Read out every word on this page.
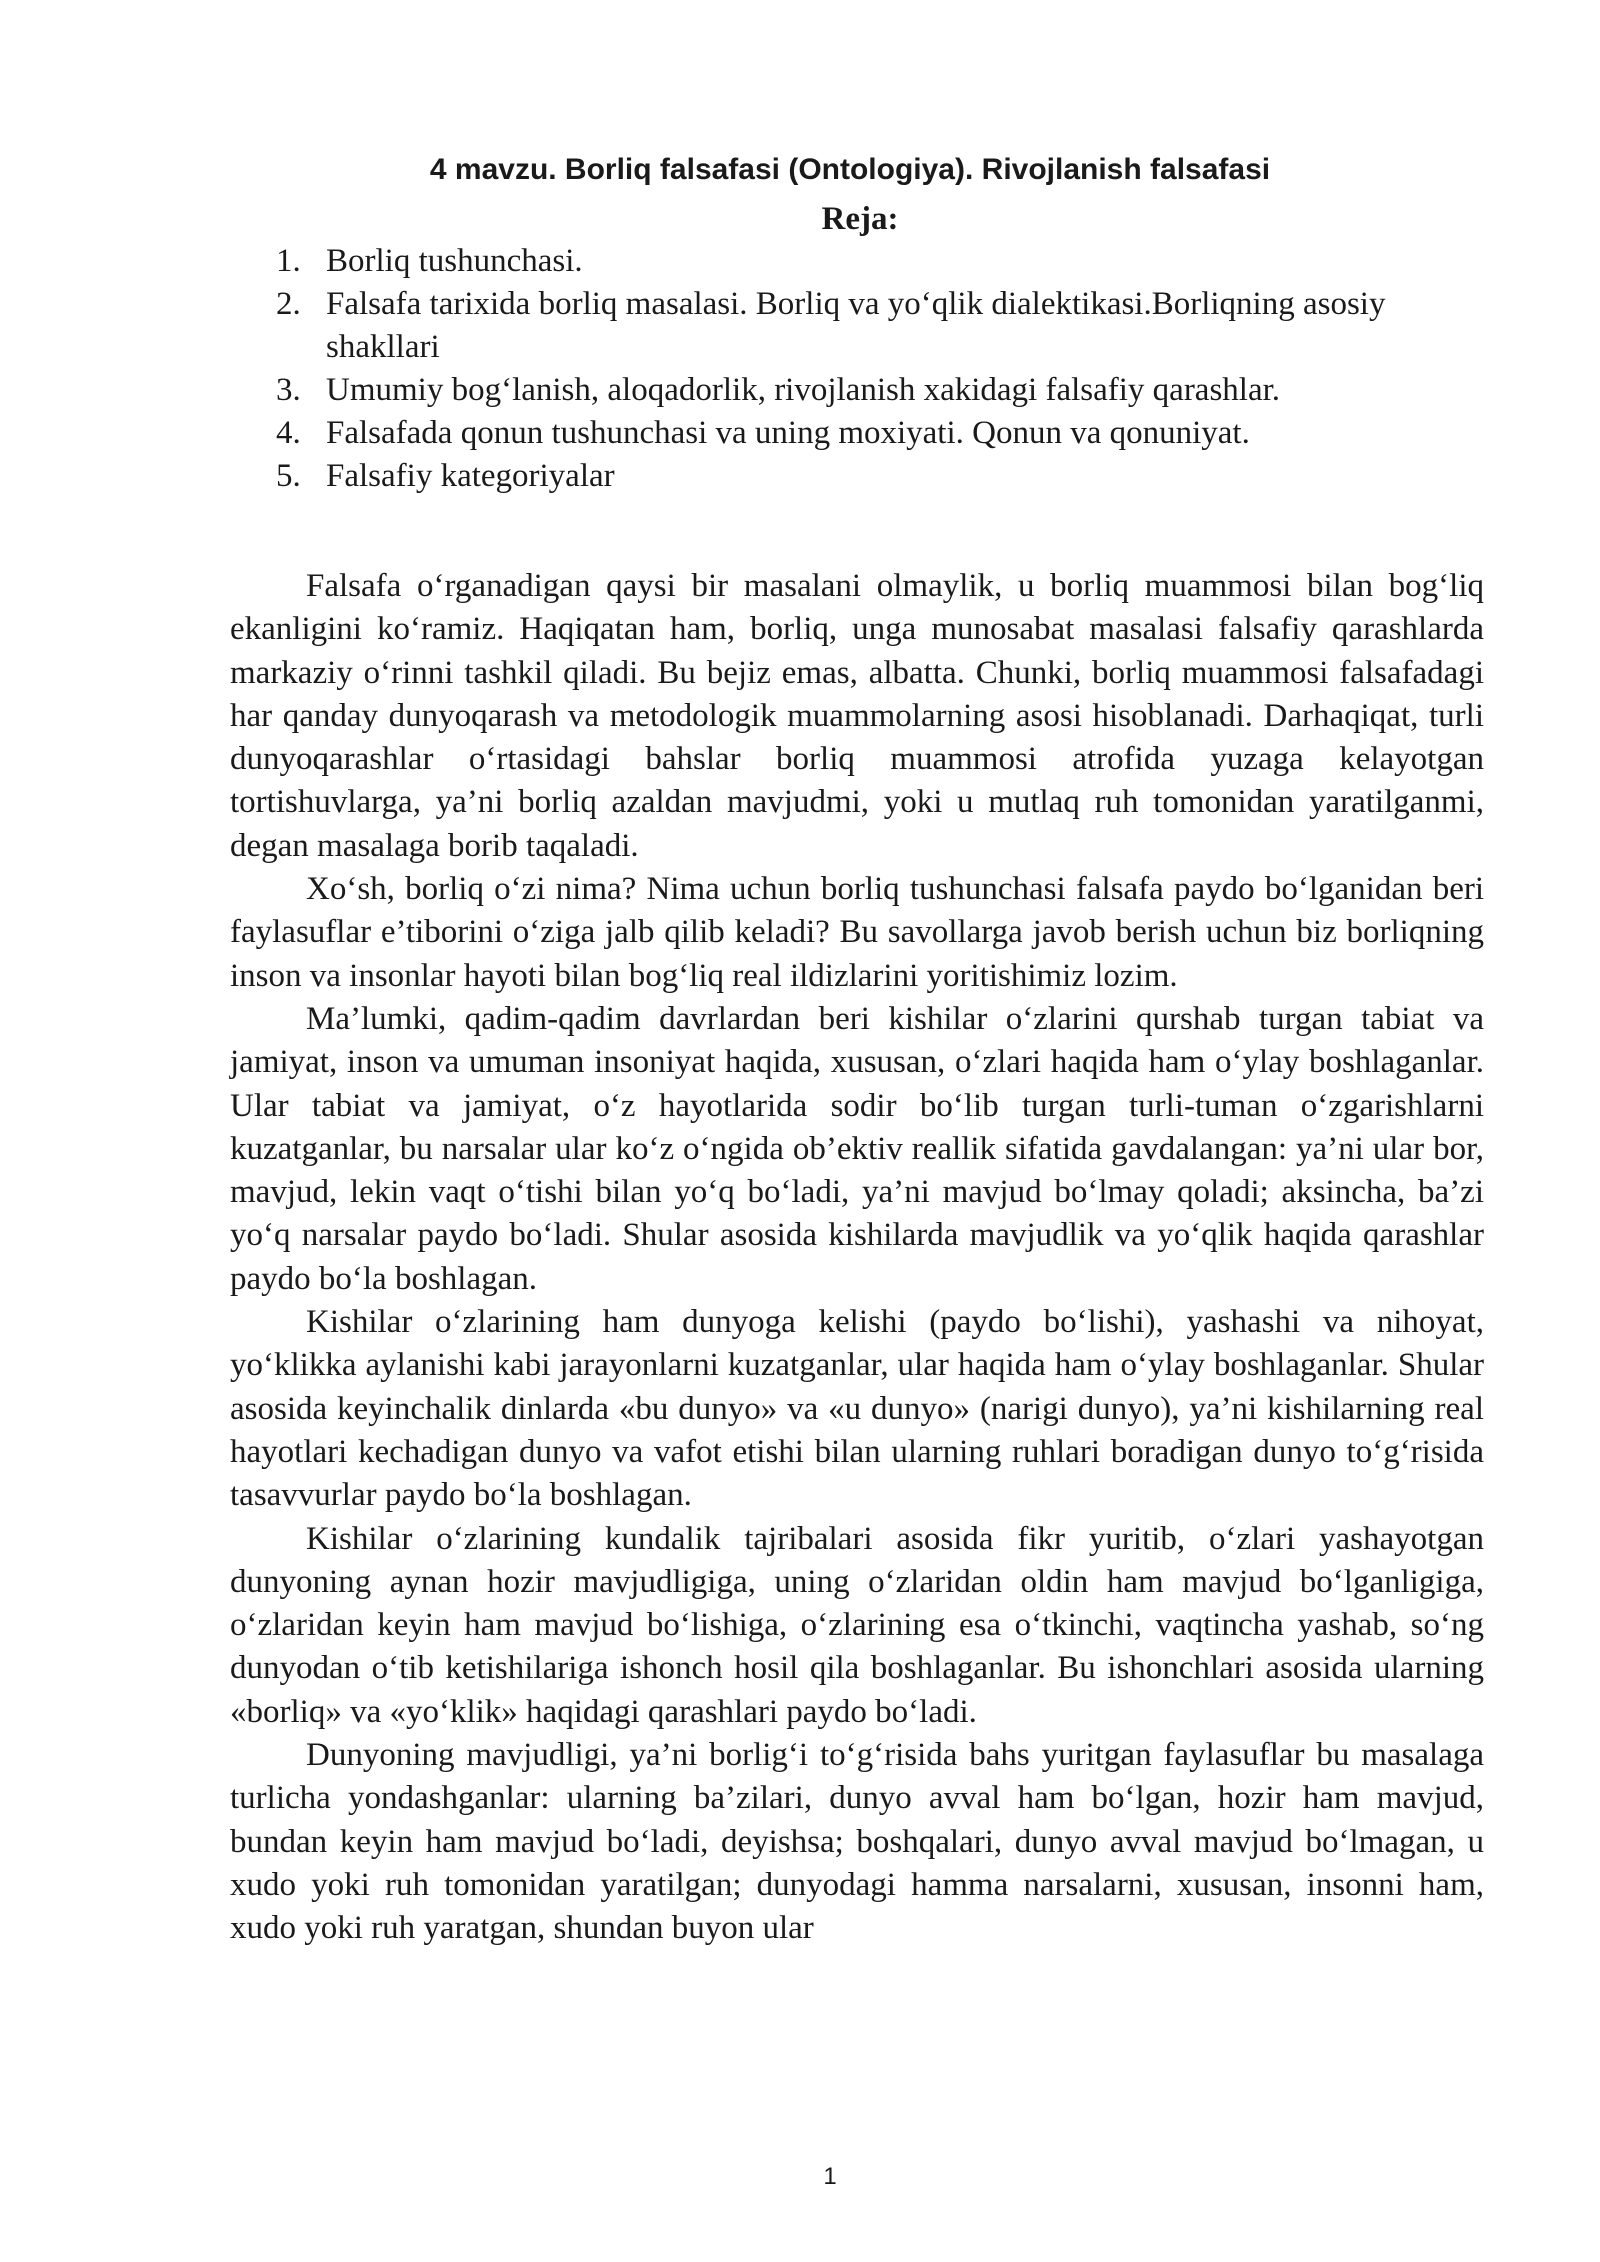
4 mavzu. Borliq falsafasi (Ontologiya). Rivojlanish falsafasi
Reja:
1. Borliq tushunchasi.
2. Falsafa tarixida borliq masalasi. Borliq va yo‘qlik dialektikasi.Borliqning asosiy shakllari
3. Umumiy bog‘lanish, aloqadorlik, rivojlanish xakidagi falsafiy qarashlar.
4. Falsafada qonun tushunchasi va uning moxiyati. Qonun va qonuniyat.
5. Falsafiy kategoriyalar

Falsafa o‘rganadigan qaysi bir masalani olmaylik, u borliq muammosi bilan bog‘liq ekanligini ko‘ramiz. Haqiqatan ham, borliq, unga munosabat masalasi falsafiy qarashlarda markaziy o‘rinni tashkil qiladi. Bu bejiz emas, albatta. Chunki, borliq muammosi falsafadagi har qanday dunyoqarash va metodologik muammolarning asosi hisoblanadi. Darhaqiqat, turli dunyoqarashlar o‘rtasidagi bahslar borliq muammosi atrofida yuzaga kelayotgan tortishuvlarga, ya’ni borliq azaldan mavjudmi, yoki u mutlaq ruh tomonidan yaratilganmi, degan masalaga borib taqaladi.

Xo‘sh, borliq o‘zi nima? Nima uchun borliq tushunchasi falsafa paydo bo‘lganidan beri faylasuflar e’tiborini o‘ziga jalb qilib keladi? Bu savollarga javob berish uchun biz borliqning inson va insonlar hayoti bilan bog‘liq real ildizlarini yoritishimiz lozim.

Ma’lumki, qadim-qadim davrlardan beri kishilar o‘zlarini qurshab turgan tabiat va jamiyat, inson va umuman insoniyat haqida, xususan, o‘zlari haqida ham o‘ylay boshlaganlar. Ular tabiat va jamiyat, o‘z hayotlarida sodir bo‘lib turgan turli-tuman o‘zgarishlarni kuzatganlar, bu narsalar ular ko‘z o‘ngida ob’ektiv reallik sifatida gavdalangan: ya’ni ular bor, mavjud, lekin vaqt o‘tishi bilan yo‘q bo‘ladi, ya’ni mavjud bo‘lmay qoladi; aksincha, ba’zi yo‘q narsalar paydo bo‘ladi. Shular asosida kishilarda mavjudlik va yo‘qlik haqida qarashlar paydo bo‘la boshlagan.

Kishilar o‘zlarining ham dunyoga kelishi (paydo bo‘lishi), yashashi va nihoyat, yo‘klikka aylanishi kabi jarayonlarni kuzatganlar, ular haqida ham o‘ylay boshlaganlar. Shular asosida keyinchalik dinlarda «bu dunyo» va «u dunyo» (narigi dunyo), ya’ni kishilarning real hayotlari kechadigan dunyo va vafot etishi bilan ularning ruhlari boradigan dunyo to‘g‘risida tasavvurlar paydo bo‘la boshlagan.

Kishilar o‘zlarining kundalik tajribalari asosida fikr yuritib, o‘zlari yashayotgan dunyoning aynan hozir mavjudligiga, uning o‘zlaridan oldin ham mavjud bo‘lganligiga, o‘zlaridan keyin ham mavjud bo‘lishiga, o‘zlarining esa o‘tkinchi, vaqtincha yashab, so‘ng dunyodan o‘tib ketishilariga ishonch hosil qila boshlaganlar. Bu ishonchlari asosida ularning «borliq» va «yo‘klik» haqidagi qarashlari paydo bo‘ladi.

Dunyoning mavjudligi, ya’ni borlig‘i to‘g‘risida bahs yuritgan faylasuflar bu masalaga turlicha yondashganlar: ularning ba’zilari, dunyo avval ham bo‘lgan, hozir ham mavjud, bundan keyin ham mavjud bo‘ladi, deyishsa; boshqalari, dunyo avval mavjud bo‘lmagan, u xudo yoki ruh tomonidan yaratilgan; dunyodagi hamma narsalarni, xususan, insonni ham, xudo yoki ruh yaratgan, shundan buyon ular

1
